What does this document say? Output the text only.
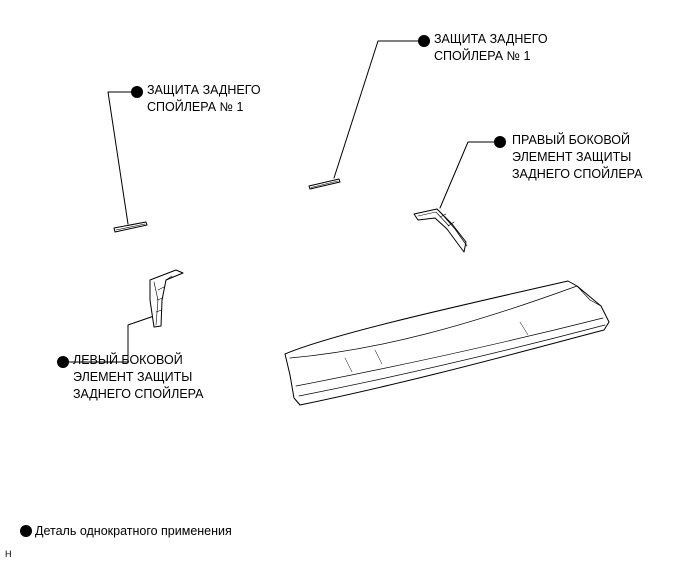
ЗАЩИТА ЗАДНЕГО
СПОЙЛЕРА № 1
ЗАЩИТА ЗАДНЕГО
СПОЙЛЕРА № 1
ПРАВЫЙ БОКОВОЙ
ЭЛЕМЕНТ ЗАЩИТЫ
ЗАДНЕГО СПОЙЛЕРА
ЛЕВЫЙ БОКОВОЙ
ЭЛЕМЕНТ ЗАЩИТЫ
ЗАДНЕГО СПОЙЛЕРА
Деталь однократного применения
H
